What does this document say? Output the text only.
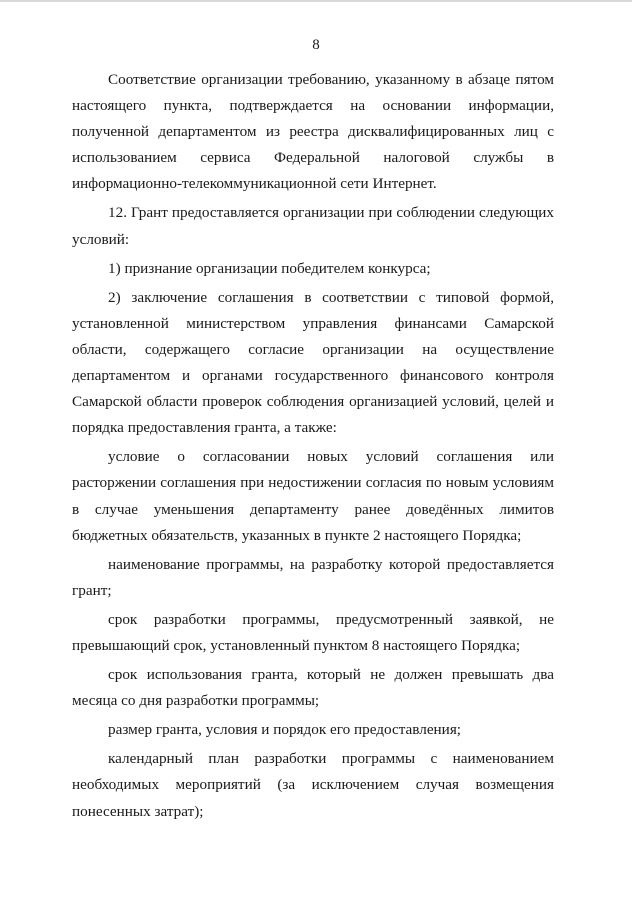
8

Соответствие организации требованию, указанному в абзаце пятом настоящего пункта, подтверждается на основании информации, полученной департаментом из реестра дисквалифицированных лиц с использованием сервиса Федеральной налоговой службы в информационно-телекоммуникационной сети Интернет.

12. Грант предоставляется организации при соблюдении следующих условий:

1) признание организации победителем конкурса;

2) заключение соглашения в соответствии с типовой формой, установленной министерством управления финансами Самарской области, содержащего согласие организации на осуществление департаментом и органами государственного финансового контроля Самарской области проверок соблюдения организацией условий, целей и порядка предоставления гранта, а также:

условие о согласовании новых условий соглашения или расторжении соглашения при недостижении согласия по новым условиям в случае уменьшения департаменту ранее доведённых лимитов бюджетных обязательств, указанных в пункте 2 настоящего Порядка;

наименование программы, на разработку которой предоставляется грант;

срок разработки программы, предусмотренный заявкой, не превышающий срок, установленный пунктом 8 настоящего Порядка;

срок использования гранта, который не должен превышать два месяца со дня разработки программы;

размер гранта, условия и порядок его предоставления;

календарный план разработки программы с наименованием необходимых мероприятий (за исключением случая возмещения понесенных затрат);
